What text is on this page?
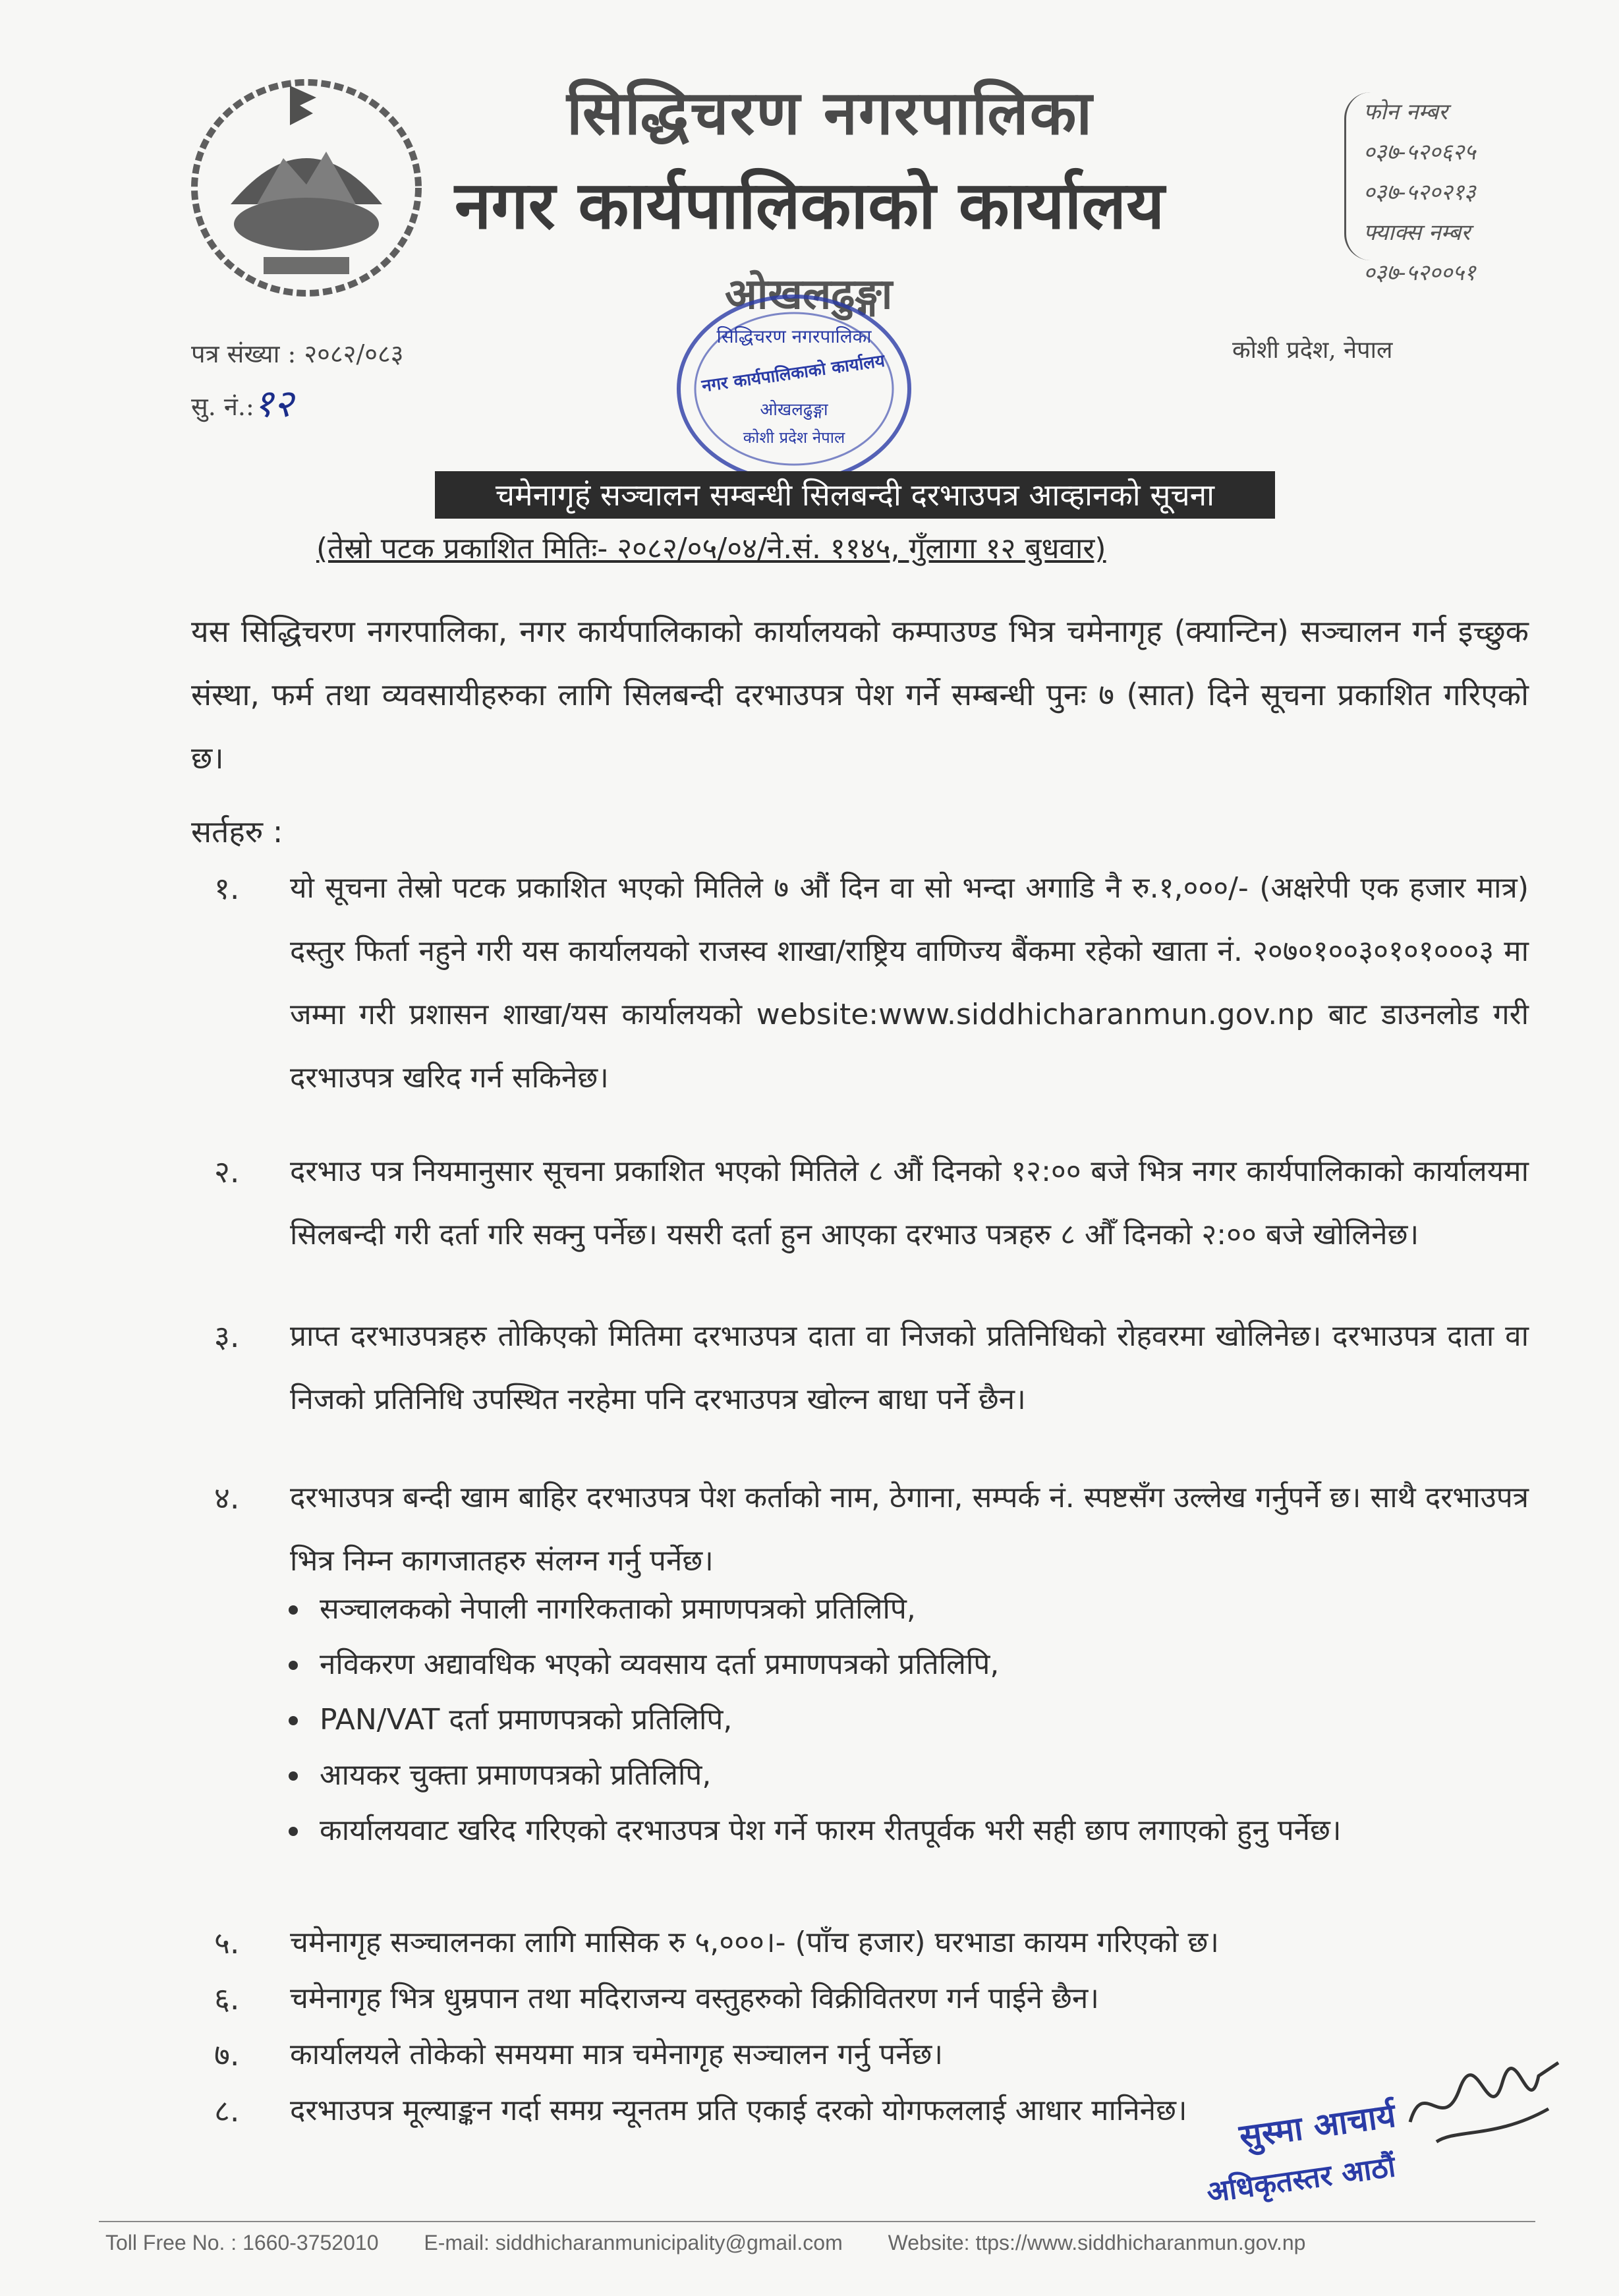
सिद्धिचरण नगरपालिका
नगर कार्यपालिकाको कार्यालय
ओखलढुङ्गा
फोन नम्बर
०३७-५२०६२५
०३७-५२०२१३
फ्याक्स नम्बर
०३७-५२००५१
पत्र संख्या : २०८२/०८३
सु. नं.: १२
कोशी प्रदेश, नेपाल
सिद्धिचरण नगरपालिका
नगर कार्यपालिकाको कार्यालय
ओखलढुङ्गा
कोशी प्रदेश नेपाल
चमेनागृहं सञ्चालन सम्बन्धी सिलबन्दी दरभाउपत्र आव्हानको सूचना
(तेस्रो पटक प्रकाशित मितिः- २०८२/०५/०४/ने.सं. ११४५, गुँलागा १२ बुधवार)
यस सिद्धिचरण नगरपालिका, नगर कार्यपालिकाको कार्यालयको कम्पाउण्ड भित्र चमेनागृह (क्यान्टिन) सञ्चालन गर्न इच्छुक संस्था, फर्म तथा व्यवसायीहरुका लागि सिलबन्दी दरभाउपत्र पेश गर्ने सम्बन्धी पुनः ७ (सात) दिने सूचना प्रकाशित गरिएको छ।
सर्तहरु :
१. यो सूचना तेस्रो पटक प्रकाशित भएको मितिले ७ औं दिन वा सो भन्दा अगाडि नै रु.१,०००/- (अक्षरेपी एक हजार मात्र) दस्तुर फिर्ता नहुने गरी यस कार्यालयको राजस्व शाखा/राष्ट्रिय वाणिज्य बैंकमा रहेको खाता नं. २०७०१००३०१०१०००३ मा जम्मा गरी प्रशासन शाखा/यस कार्यालयको website:www.siddhicharanmun.gov.np बाट डाउनलोड गरी दरभाउपत्र खरिद गर्न सकिनेछ।
२. दरभाउ पत्र नियमानुसार सूचना प्रकाशित भएको मितिले ८ औं दिनको १२:०० बजे भित्र नगर कार्यपालिकाको कार्यालयमा सिलबन्दी गरी दर्ता गरि सक्नु पर्नेछ। यसरी दर्ता हुन आएका दरभाउ पत्रहरु ८ औँ दिनको २:०० बजे खोलिनेछ।
३. प्राप्त दरभाउपत्रहरु तोकिएको मितिमा दरभाउपत्र दाता वा निजको प्रतिनिधिको रोहवरमा खोलिनेछ। दरभाउपत्र दाता वा निजको प्रतिनिधि उपस्थित नरहेमा पनि दरभाउपत्र खोल्न बाधा पर्ने छैन।
४. दरभाउपत्र बन्दी खाम बाहिर दरभाउपत्र पेश कर्ताको नाम, ठेगाना, सम्पर्क नं. स्पष्टसँग उल्लेख गर्नुपर्ने छ। साथै दरभाउपत्र भित्र निम्न कागजातहरु संलग्न गर्नु पर्नेछ।
सञ्चालकको नेपाली नागरिकताको प्रमाणपत्रको प्रतिलिपि,
नविकरण अद्यावधिक भएको व्यवसाय दर्ता प्रमाणपत्रको प्रतिलिपि,
PAN/VAT दर्ता प्रमाणपत्रको प्रतिलिपि,
आयकर चुक्ता प्रमाणपत्रको प्रतिलिपि,
कार्यालयवाट खरिद गरिएको दरभाउपत्र पेश गर्ने फारम रीतपूर्वक भरी सही छाप लगाएको हुनु पर्नेछ।
५. चमेनागृह सञ्चालनका लागि मासिक रु ५,०००।- (पाँच हजार) घरभाडा कायम गरिएको छ।
६. चमेनागृह भित्र धुम्रपान तथा मदिराजन्य वस्तुहरुको विक्रीवितरण गर्न पाईने छैन।
७. कार्यालयले तोकेको समयमा मात्र चमेनागृह सञ्चालन गर्नु पर्नेछ।
८. दरभाउपत्र मूल्याङ्कन गर्दा समग्र न्यूनतम प्रति एकाई दरको योगफललाई आधार मानिनेछ।	सुस्मा आचार्य
अधिकृतस्तर आठौं
Toll Free No. : 1660-3752010 E-mail: siddhicharanmunicipality@gmail.com Website: ttps://www.siddhicharanmun.gov.np
